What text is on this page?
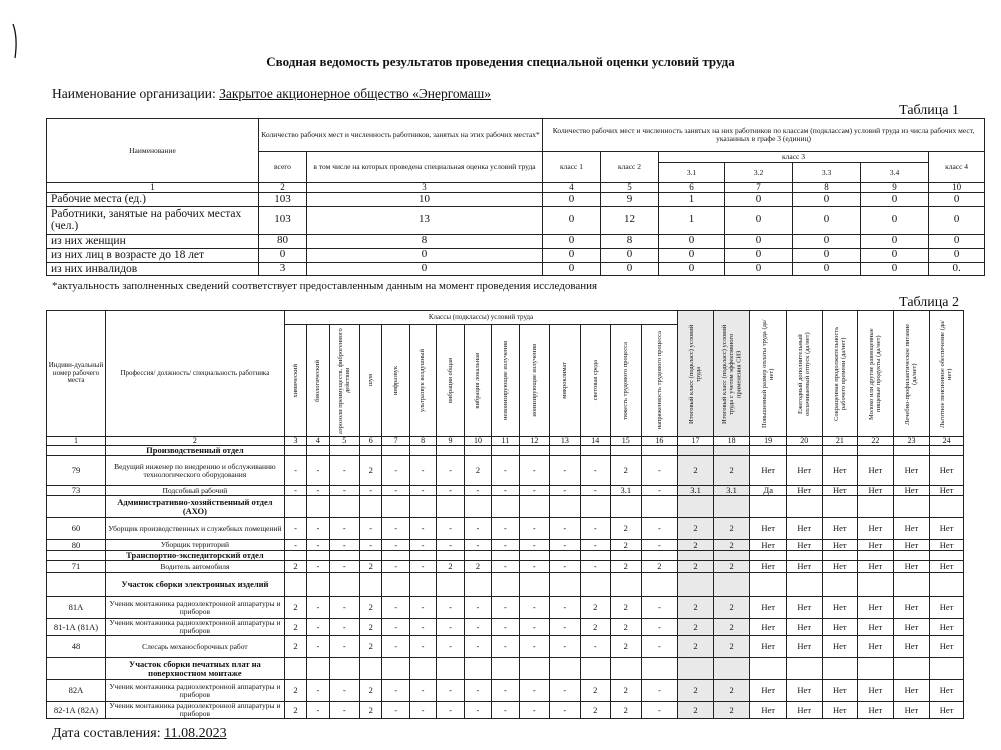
Сводная ведомость результатов проведения специальной оценки условий труда
Наименование организации: Закрытое акционерное общество «Энергомаш»
Таблица 1
Наименование	Количество рабочих мест и численность работников, занятых на этих рабочих местах*		Количество рабочих мест и численность занятых на них работников по классам (подклассам) условий труда из числа рабочих мест, указанных в графе 3 (единиц)						
	всего	в том числе на которых проведена специальная оценка условий труда	класс 1	класс 2	класс 3				класс 4
					3.1	3.2	3.3	3.4	
1	2	3	4	5	6	7	8	9	10
Рабочие места (ед.)	103	10	0	9	1	0	0	0	0
Работники, занятые на рабочих местах (чел.)	103	13	0	12	1	0	0	0	0
из них женщин	80	8	0	8	0	0	0	0	0
из них лиц в возрасте до 18 лет	0	0	0	0	0	0	0	0	0
из них инвалидов	3	0	0	0	0	0	0	0	0.
*актуальность заполненных сведений соответствует предоставленным данным на момент проведения исследования
Таблица 2
Индиви-дуальный номер рабочего места	Профессия/ должность/ специальность работника	Классы (подклассы) условий труда														Итоговый класс (подкласс) условий труда	Итоговый класс (подкласс) условий труда с учетом эффективного применения СИЗ	Повышенный размер оплаты труда (да/нет)	Ежегодный дополнительный оплачиваемый отпуск (да/нет)	Сокращенная продолжительность рабочего времени (да/нет)	Молоко или другие равноценные пищевые продукты (да/нет)	Лечебно-профилактическое питание (да/нет)	Льготное пенсионное обеспечение (да/нет)

		химический	биологический	аэрозоли преимуществ. фиброгенного действия	шум	инфразвук	ультразвук воздушный	вибрация общая	вибрация локальная	неионизирующие излучения	ионизирующие излучения	микроклимат	световая среда	тяжесть трудового процесса	напряженность трудового процесса								

1	2	3	4	5	6	7	8	9	10	11	12	13	14	15	16	17	18	19	20	21	22	23	24
	Производственный отдел																						
79	Ведущий инженер по внедрению и обслуживанию технологического оборудования	-	-	-	2	-	-	-	2	-	-	-	-	2	-	2	2	Нет	Нет	Нет	Нет	Нет	Нет
73	Подсобный рабочий	-	-	-	-	-	-	-	-	-	-	-	-	3.1	-	3.1	3.1	Да	Нет	Нет	Нет	Нет	Нет
	Административно-хозяйственный отдел (АХО)																						
60	Уборщик производственных и служебных помещений	-	-	-	-	-	-	-	-	-	-	-	-	2	-	2	2	Нет	Нет	Нет	Нет	Нет	Нет
80	Уборщик территорий	-	-	-	-	-	-	-	-	-	-	-	-	2	-	2	2	Нет	Нет	Нет	Нет	Нет	Нет
	Транспортно-экспедиторский отдел																						
71	Водитель автомобиля	2	-	-	2	-	-	2	2	-	-	-	-	2	2	2	2	Нет	Нет	Нет	Нет	Нет	Нет
	Участок сборки электронных изделий																						
81А	Ученик монтажника радиоэлектронной аппаратуры и приборов	2	-	-	2	-	-	-	-	-	-	-	2	2	-	2	2	Нет	Нет	Нет	Нет	Нет	Нет
81-1А (81А)	Ученик монтажника радиоэлектронной аппаратуры и приборов	2	-	-	2	-	-	-	-	-	-	-	2	2	-	2	2	Нет	Нет	Нет	Нет	Нет	Нет
48	Слесарь механосборочных работ	2	-	-	2	-	-	-	-	-	-	-	-	2	-	2	2	Нет	Нет	Нет	Нет	Нет	Нет
	Участок сборки печатных плат на поверхностном монтаже																						
82А	Ученик монтажника радиоэлектронной аппаратуры и приборов	2	-	-	2	-	-	-	-	-	-	-	2	2	-	2	2	Нет	Нет	Нет	Нет	Нет	Нет
82-1А (82А)	Ученик монтажника радиоэлектронной аппаратуры и приборов	2	-	-	2	-	-	-	-	-	-	-	2	2	-	2	2	Нет	Нет	Нет	Нет	Нет	Нет
Дата составления: 11.08.2023
